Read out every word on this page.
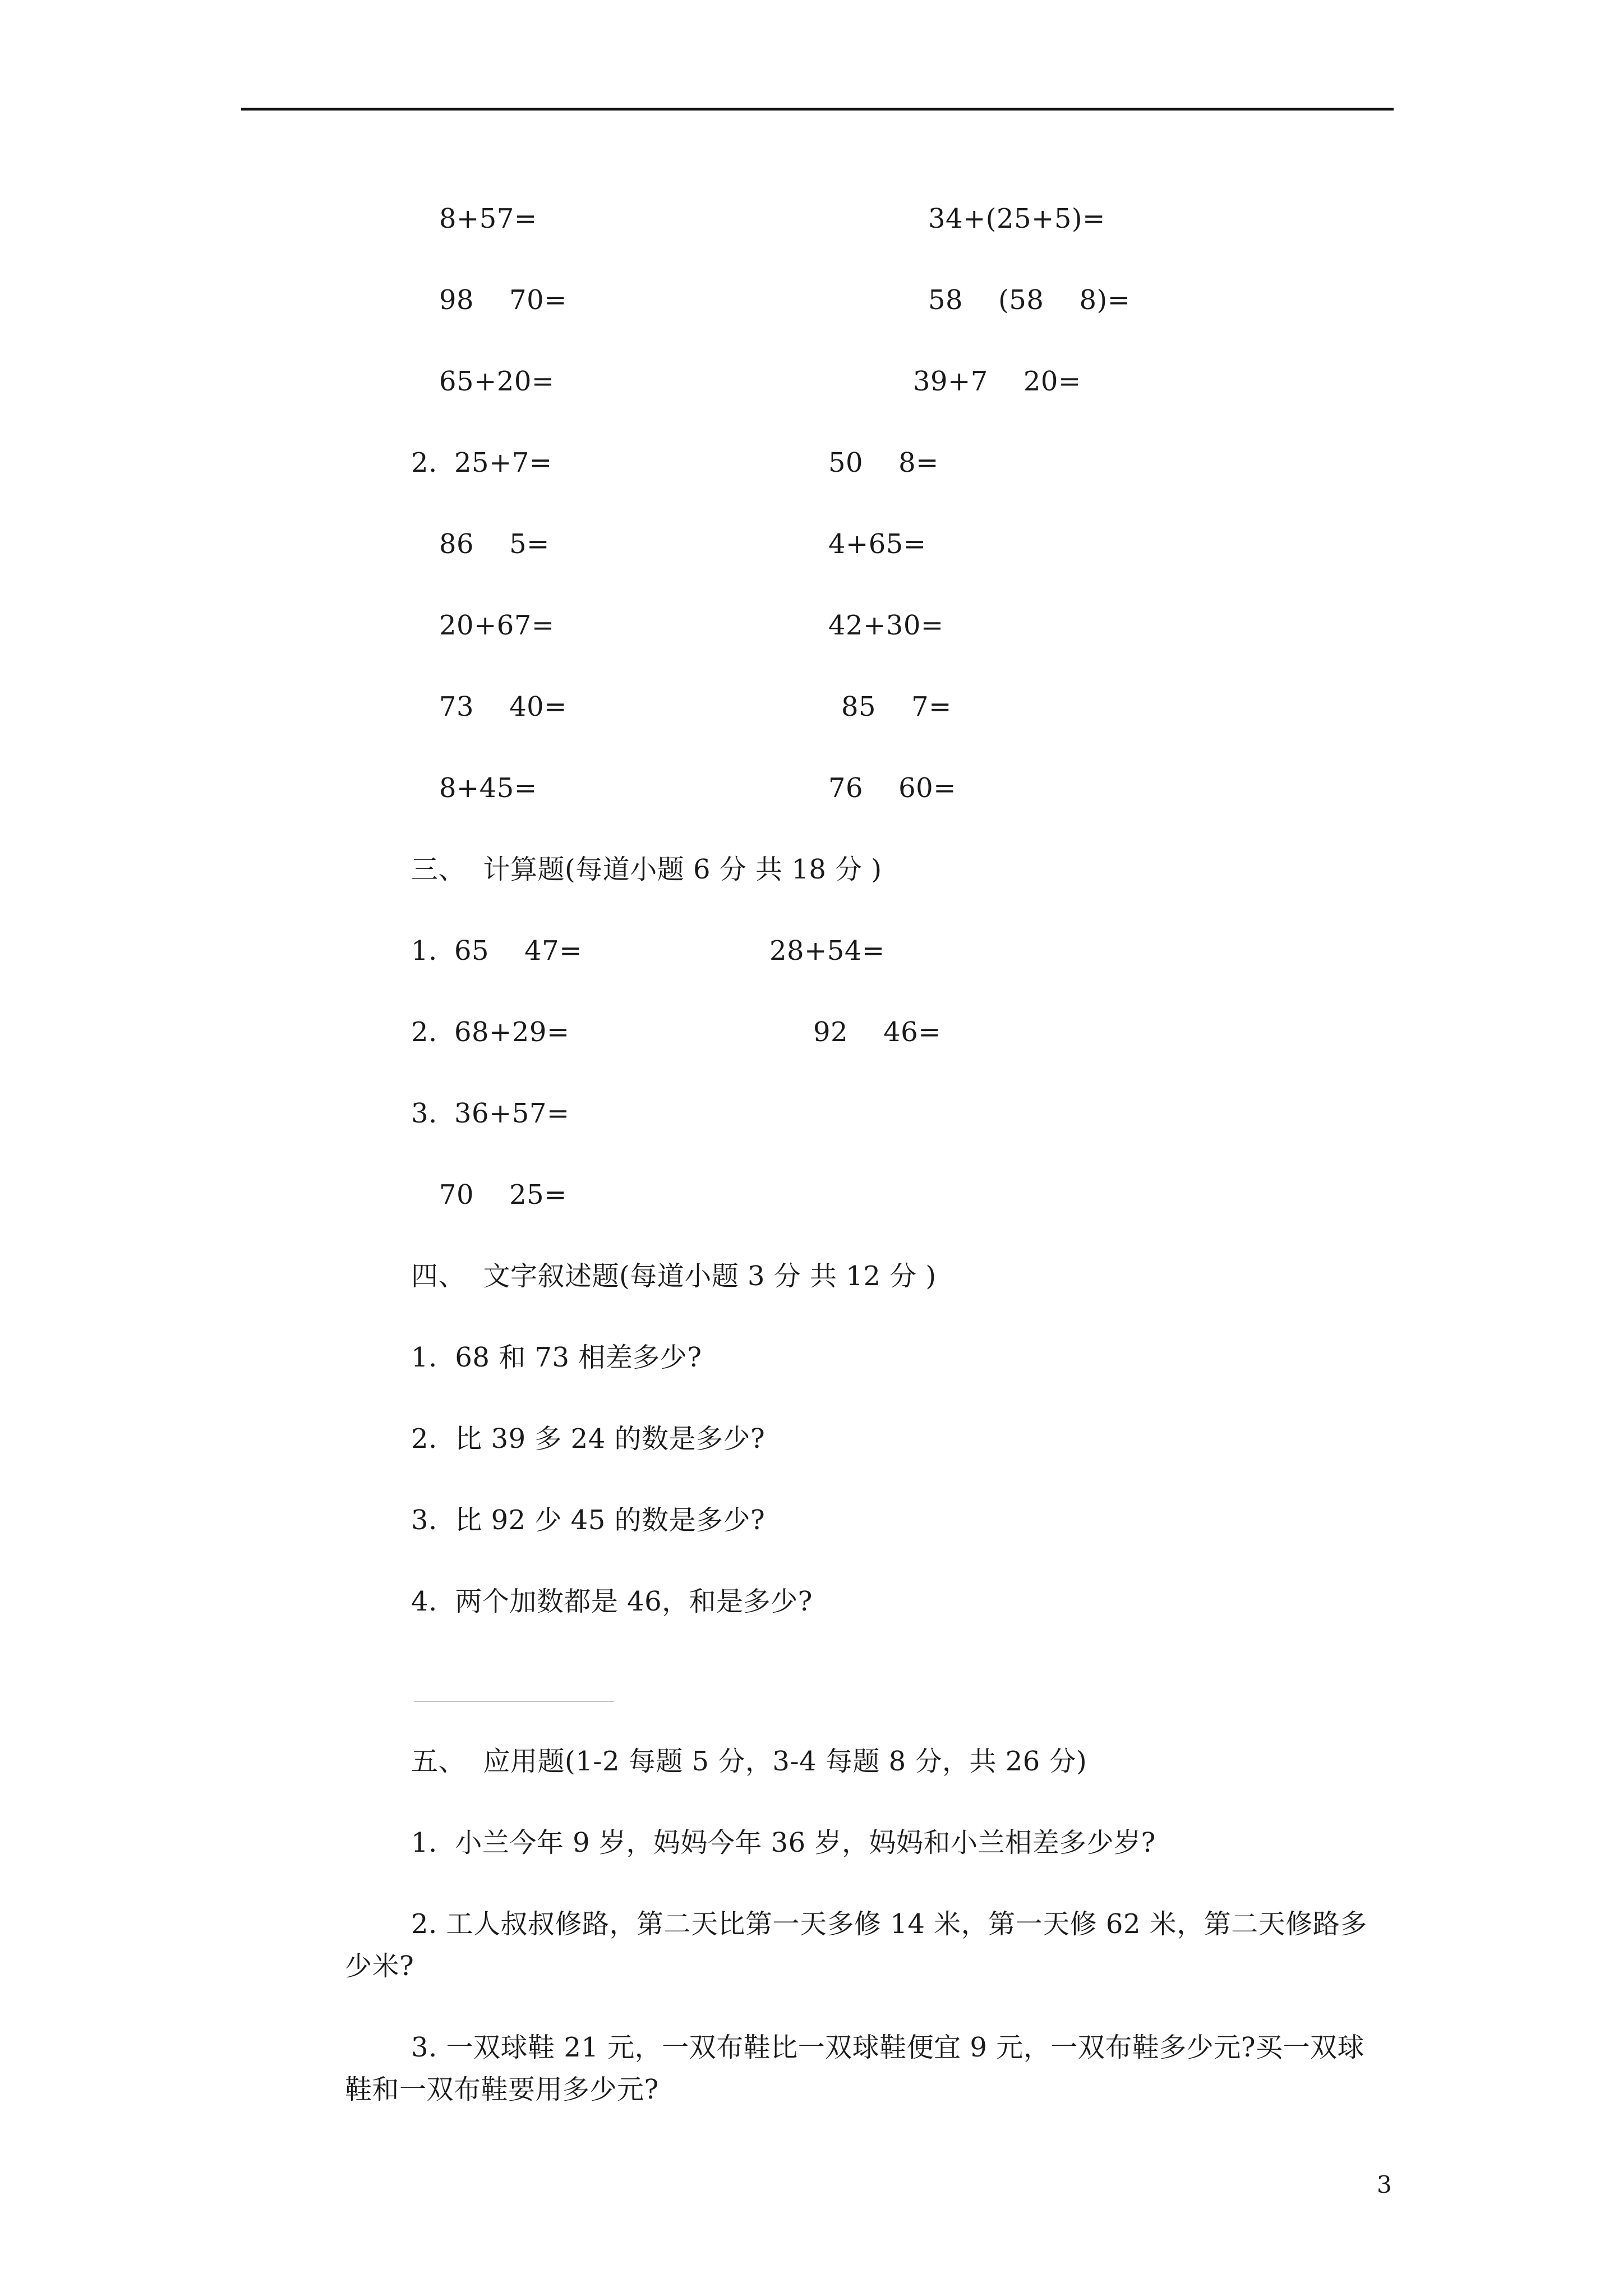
8+57=	34+(25+5)=
98    70=	58    (58    8)=
65+20=	39+7    20=
2. 25+7=	50    8=
86    5=	4+65=
20+67=	42+30=
73    40=	85    7=
8+45=	76    60=
三、  计算题(每道小题 6 分 共 18 分 )
1. 65    47=	28+54=
2. 68+29=	92    46=
3. 36+57=
70    25=
四、  文字叙述题(每道小题 3 分 共 12 分 )
1.  68 和 73 相差多少?
2.  比 39 多 24 的数是多少?
3.  比 92 少 45 的数是多少?
4.  两个加数都是 46，和是多少?
五、  应用题(1-2 每题 5 分，3-4 每题 8 分，共 26 分)
1.  小兰今年 9 岁，妈妈今年 36 岁，妈妈和小兰相差多少岁?
2. 工人叔叔修路，第二天比第一天多修 14 米，第一天修 62 米，第二天修路多
少米?
3. 一双球鞋 21 元，一双布鞋比一双球鞋便宜 9 元，一双布鞋多少元?买一双球
鞋和一双布鞋要用多少元?
3
